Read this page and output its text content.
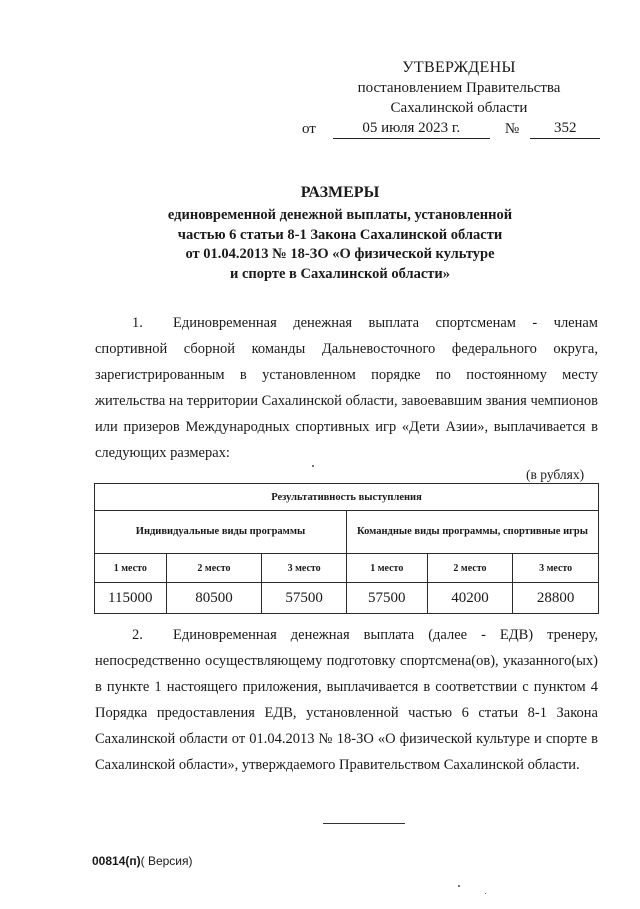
УТВЕРЖДЕНЫ
постановлением Правительства
Сахалинской области
от	05 июля 2023 г.	№	352
РАЗМЕРЫ
единовременной денежной выплаты, установленной
частью 6 статьи 8-1 Закона Сахалинской области
от 01.04.2013 № 18-ЗО «О физической культуре
и спорте в Сахалинской области»
1. Единовременная денежная выплата спортсменам - членам спортивной сборной команды Дальневосточного федерального округа, зарегистрированным в установленном порядке по постоянному месту жительства на территории Сахалинской области, завоевавшим звания чемпионов или призеров Международных спортивных игр «Дети Азии», выплачивается в следующих размерах:
(в рублях)
Результативность выступления					
Индивидуальные виды программы			Командные виды программы, спортивные игры		
1 место	2 место	3 место	1 место	2 место	3 место
115000	80500	57500	57500	40200	28800
2. Единовременная денежная выплата (далее - ЕДВ) тренеру, непосредственно осуществляющему подготовку спортсмена(ов), указанного(ых) в пункте 1 настоящего приложения, выплачивается в соответствии с пунктом 4 Порядка предоставления ЕДВ, установленной частью 6 статьи 8-1 Закона Сахалинской области от 01.04.2013 № 18-ЗО «О физической культуре и спорте в Сахалинской области», утверждаемого Правительством Сахалинской области.
00814(п)( Версия)
